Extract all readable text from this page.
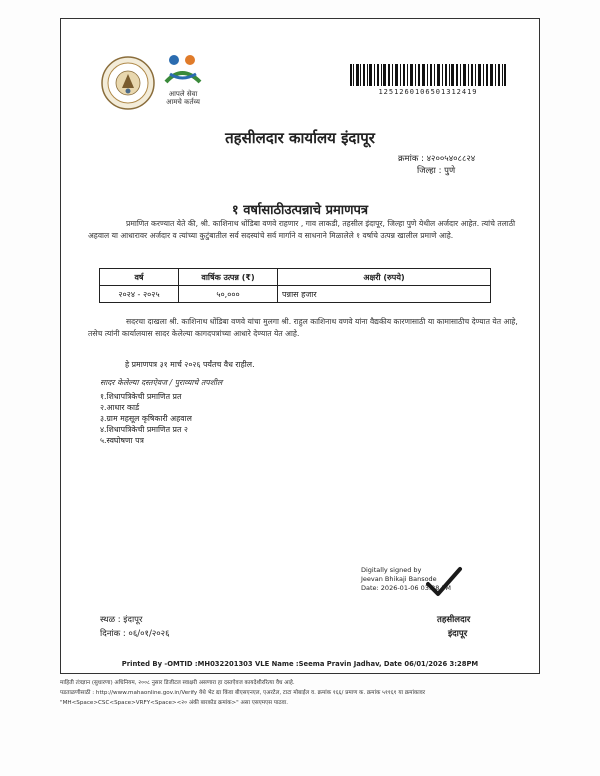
आपले सेवा आमचे कर्तव्य
1251260106501312419
तहसीलदार कार्यालय इंदापूर
क्रमांक : ४२००५४०८८२४
जिल्हा : पुणे
१ वर्षासाठीउत्पन्नाचे प्रमाणपत्र
प्रमाणित करण्यात येते की, श्री. काशिनाथ धोंडिबा वणवे राहणार , गाव लाकडी, तहसील इंदापूर, जिल्हा पुणे येथील अर्जदार आहेत. त्यांचे तलाठी अहवाल या आधारावर अर्जदार व त्यांच्या कुटुंबातील सर्व सदस्यांचे सर्व मार्गाने व साधनाने मिळालेले १ वर्षाचे उत्पन्न खालील प्रमाणे आहे.
वर्ष	वार्षिक उत्पन्न (₹)	अक्षरी (रुपये)
२०२४ - २०२५	५०,०००	पन्नास हजार
सदरचा दाखला श्री. काशिनाथ धोंडिबा वणवे यांचा मुलगा श्री. राहुल काशिनाथ वणवे यांना वैद्यकीय कारणासाठी या कामासाठीच देण्यात येत आहे, तसेच त्यांनी कार्यालयास सादर केलेल्या कागदपत्रांच्या आधारे देण्यात येत आहे.
हे प्रमाणपत्र ३१ मार्च २०२६ पर्यंतच वैध राहील.
सादर केलेल्या दस्तऐवज / पुराव्याचे तपशील
१.शिधापत्रिकेची प्रमाणित प्रत
२.आधार कार्ड
३.ग्राम महसूल कृषिकारी अहवाल
४.शिधापत्रिकेची प्रमाणित प्रत २
५.स्वघोषणा पत्र
Digitally signed by
Jeevan Bhikaji Bansode
Date: 2026-01-06 03:28 PM
स्थळ : इंदापूर
दिनांक : ०६/०१/२०२६
तहसीलदार
इंदापूर
Printed By -OMTID :MH032201303 VLE Name :Seema Pravin Jadhav, Date 06/01/2026 3:28PM
माहिती तंत्रज्ञान (सुधारणा) अधिनियम, २००८ नुसार डिजीटल स्वाक्षरी असणारा हा दस्तऐवज कायदेशीररित्या वैध आहे.
पडताळणीसाठी : http://www.mahaonline.gov.in/Verify येथे भेट द्या किंवा बीएसएनएल, एअरटेल, टाटा मोबाईल व. क्रमांक १६६/ प्रमाण क. क्रमांक ५११६१ या क्रमांकावर
"MH<Space>CSC<Space>VRFY<Space><२० अंकी बारकोड क्रमांक>" असा एसएमएस पाठवा.
